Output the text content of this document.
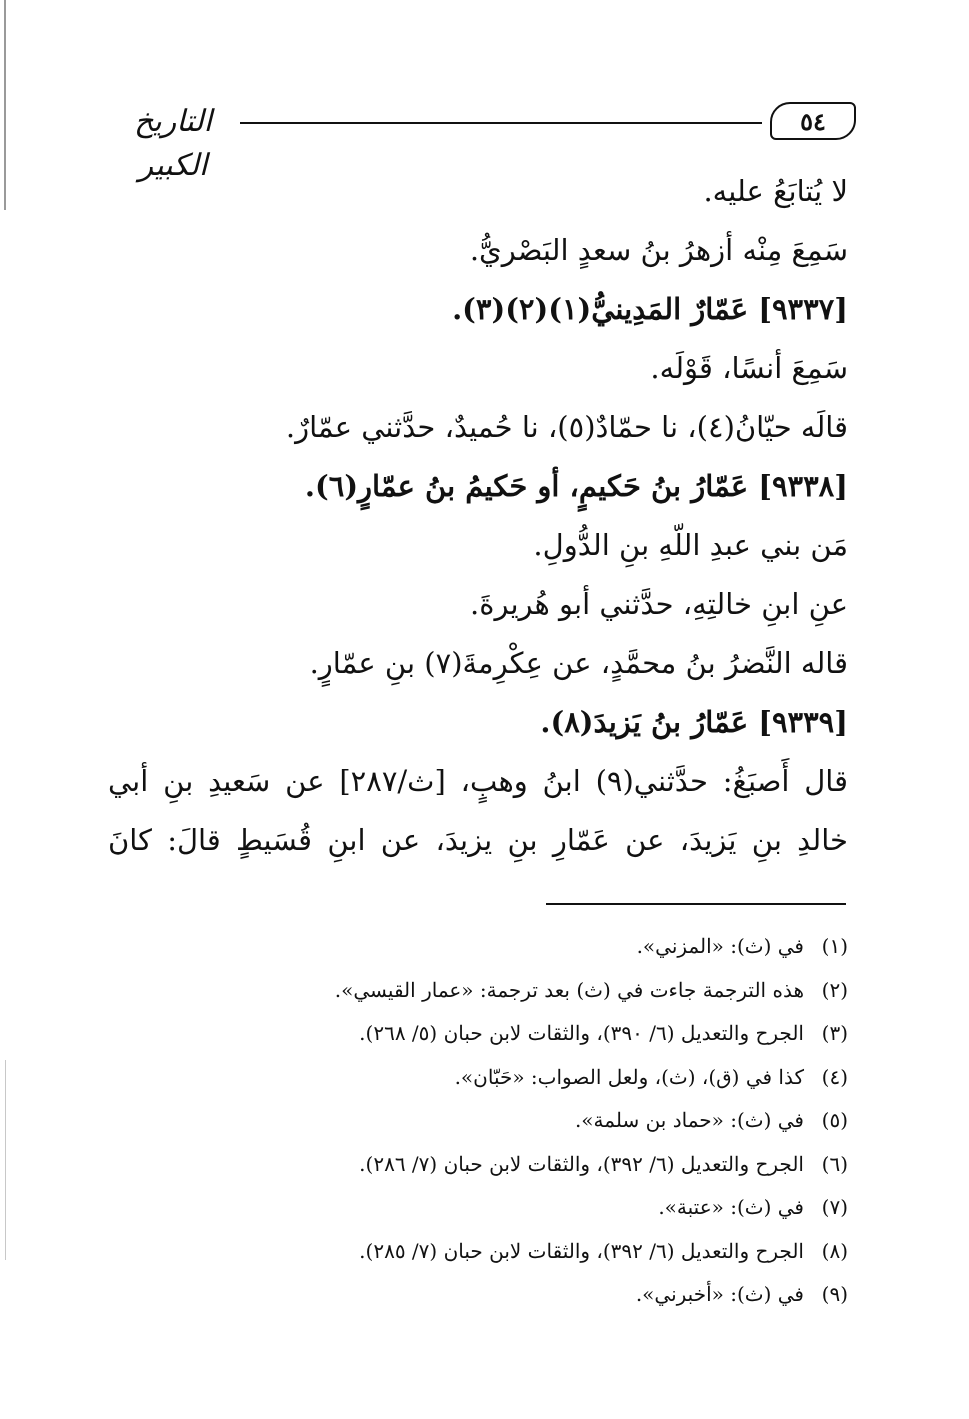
التاريخ الكبير
٥٤
لا يُتابَعُ عليه.
سَمِعَ مِنْه أزهرُ بنُ سعدٍ البَصْريُّ.
[٩٣٣٧] عَمّارٌ المَدِينيُّ(١)(٢)(٣).
سَمِعَ أنسًا، قَوْلَه.
قالَه حيّانُ(٤)، نا حمّادٌ(٥)، نا حُميدٌ، حدَّثني عمّارٌ.
[٩٣٣٨] عَمّارُ بنُ حَكيمٍ، أو حَكيمُ بنُ عمّارٍ(٦).
مَن بني عبدِ اللّهِ بنِ الدُّولِ.
عنِ ابنِ خالتِهِ، حدَّثني أبو هُريرةَ.
قاله النَّضرُ بنُ محمَّدٍ، عن عِكْرِمةَ(٧) بنِ عمّارٍ.
[٩٣٣٩] عَمّارُ بنُ يَزيدَ(٨).
قال أَصبَغُ: حدَّثني(٩) ابنُ وهبٍ، [ث/٢٨٧] عن سَعيدِ بنِ أبي
خالدِ بنِ يَزيدَ، عن عَمّارِ بنِ يزيدَ، عن ابنِ قُسَيطٍ قالَ: كانَ
(١)في (ث): «المزني».
(٢)هذه الترجمة جاءت في (ث) بعد ترجمة: «عمار القيسي».
(٣)الجرح والتعديل (٦/ ٣٩٠)، والثقات لابن حبان (٥/ ٢٦٨).
(٤)كذا في (ق)، (ث)، ولعل الصواب: «حَبّان».
(٥)في (ث): «حماد بن سلمة».
(٦)الجرح والتعديل (٦/ ٣٩٢)، والثقات لابن حبان (٧/ ٢٨٦).
(٧)في (ث): «عتبة».
(٨)الجرح والتعديل (٦/ ٣٩٢)، والثقات لابن حبان (٧/ ٢٨٥).
(٩)في (ث): «أخبرني».
